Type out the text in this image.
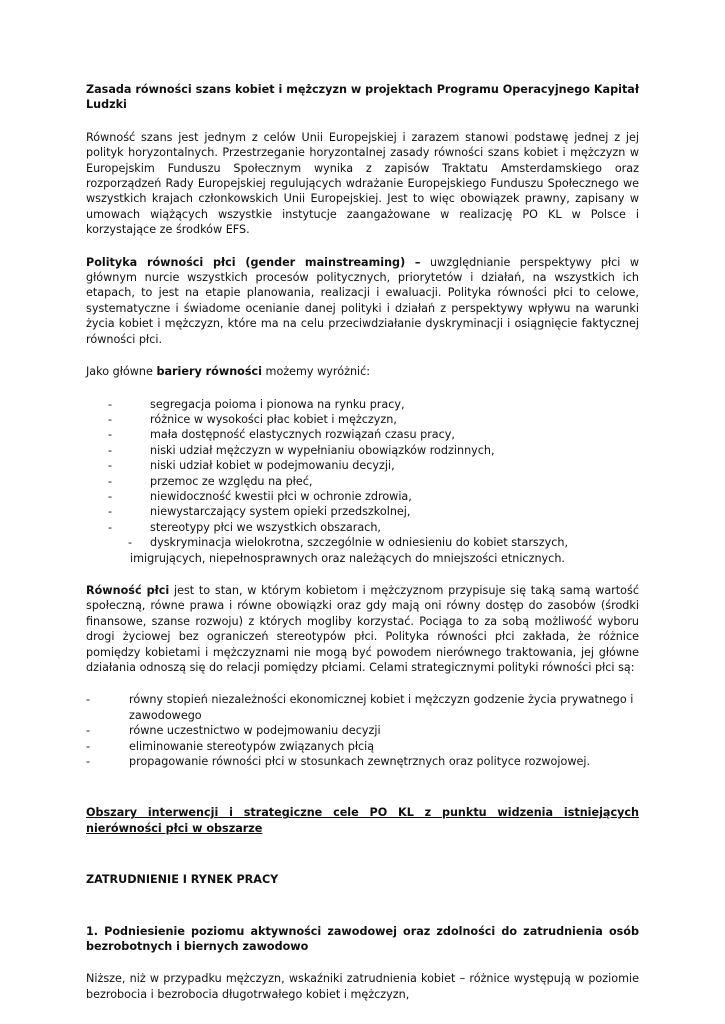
Zasada równości szans kobiet i mężczyzn w projektach Programu Operacyjnego Kapitał Ludzki

Równość szans jest jednym z celów Unii Europejskiej i zarazem stanowi podstawę jednej z jej polityk horyzontalnych. Przestrzeganie horyzontalnej zasady równości szans kobiet i mężczyzn w Europejskim Funduszu Społecznym wynika z zapisów Traktatu Amsterdamskiego oraz rozporządzeń Rady Europejskiej regulujących wdrażanie Europejskiego Funduszu Społecznego we wszystkich krajach członkowskich Unii Europejskiej. Jest to więc obowiązek prawny, zapisany w umowach wiążących wszystkie instytucje zaangażowane w realizację PO KL w Polsce i korzystające ze środków EFS.

Polityka równości płci (gender mainstreaming) – uwzględnianie perspektywy płci w głównym nurcie wszystkich procesów politycznych, priorytetów i działań, na wszystkich ich etapach, to jest na etapie planowania, realizacji i ewaluacji. Polityka równości płci to celowe, systematyczne i świadome ocenianie danej polityki i działań z perspektywy wpływu na warunki życia kobiet i mężczyzn, które ma na celu przeciwdziałanie dyskryminacji i osiągnięcie faktycznej równości płci.

Jako główne bariery równości możemy wyróżnić:

-	segregacja poioma i pionowa na rynku pracy,
-	różnice w wysokości płac kobiet i mężczyzn,
-	mała dostępność elastycznych rozwiązań czasu pracy,
-	niski udział mężczyzn w wypełnianiu obowiązków rodzinnych,
-	niski udział kobiet w podejmowaniu decyzji,
-	przemoc ze względu na płeć,
-	niewidoczność kwestii płci w ochronie zdrowia,
-	niewystarczający system opieki przedszkolnej,
-	stereotypy płci we wszystkich obszarach,
- dyskryminacja wielokrotna, szczególnie w odniesieniu do kobiet starszych, imigrujących, niepełnosprawnych oraz należących do mniejszości etnicznych.

Równość płci jest to stan, w którym kobietom i mężczyznom przypisuje się taką samą wartość społeczną, równe prawa i równe obowiązki oraz gdy mają oni równy dostęp do zasobów (środki finansowe, szanse rozwoju) z których mogliby korzystać. Pociąga to za sobą możliwość wyboru drogi życiowej bez ograniczeń stereotypów płci. Polityka równości płci zakłada, że różnice pomiędzy kobietami i mężczyznami nie mogą być powodem nierównego traktowania, jej główne działania odnoszą się do relacji pomiędzy płciami. Celami strategicznymi polityki równości płci są:

-	równy stopień niezależności ekonomicznej kobiet i mężczyzn godzenie życia prywatnego i zawodowego
-	równe uczestnictwo w podejmowaniu decyzji
-	eliminowanie stereotypów związanych płcią
-	propagowanie równości płci w stosunkach zewnętrznych oraz polityce rozwojowej.

Obszary interwencji i strategiczne cele PO KL z punktu widzenia istniejących nierówności płci w obszarze

ZATRUDNIENIE I RYNEK PRACY

1. Podniesienie poziomu aktywności zawodowej oraz zdolności do zatrudnienia osób bezrobotnych i biernych zawodowo

Niższe, niż w przypadku mężczyzn, wskaźniki zatrudnienia kobiet – różnice występują w poziomie bezrobocia i bezrobocia długotrwałego kobiet i mężczyzn,
